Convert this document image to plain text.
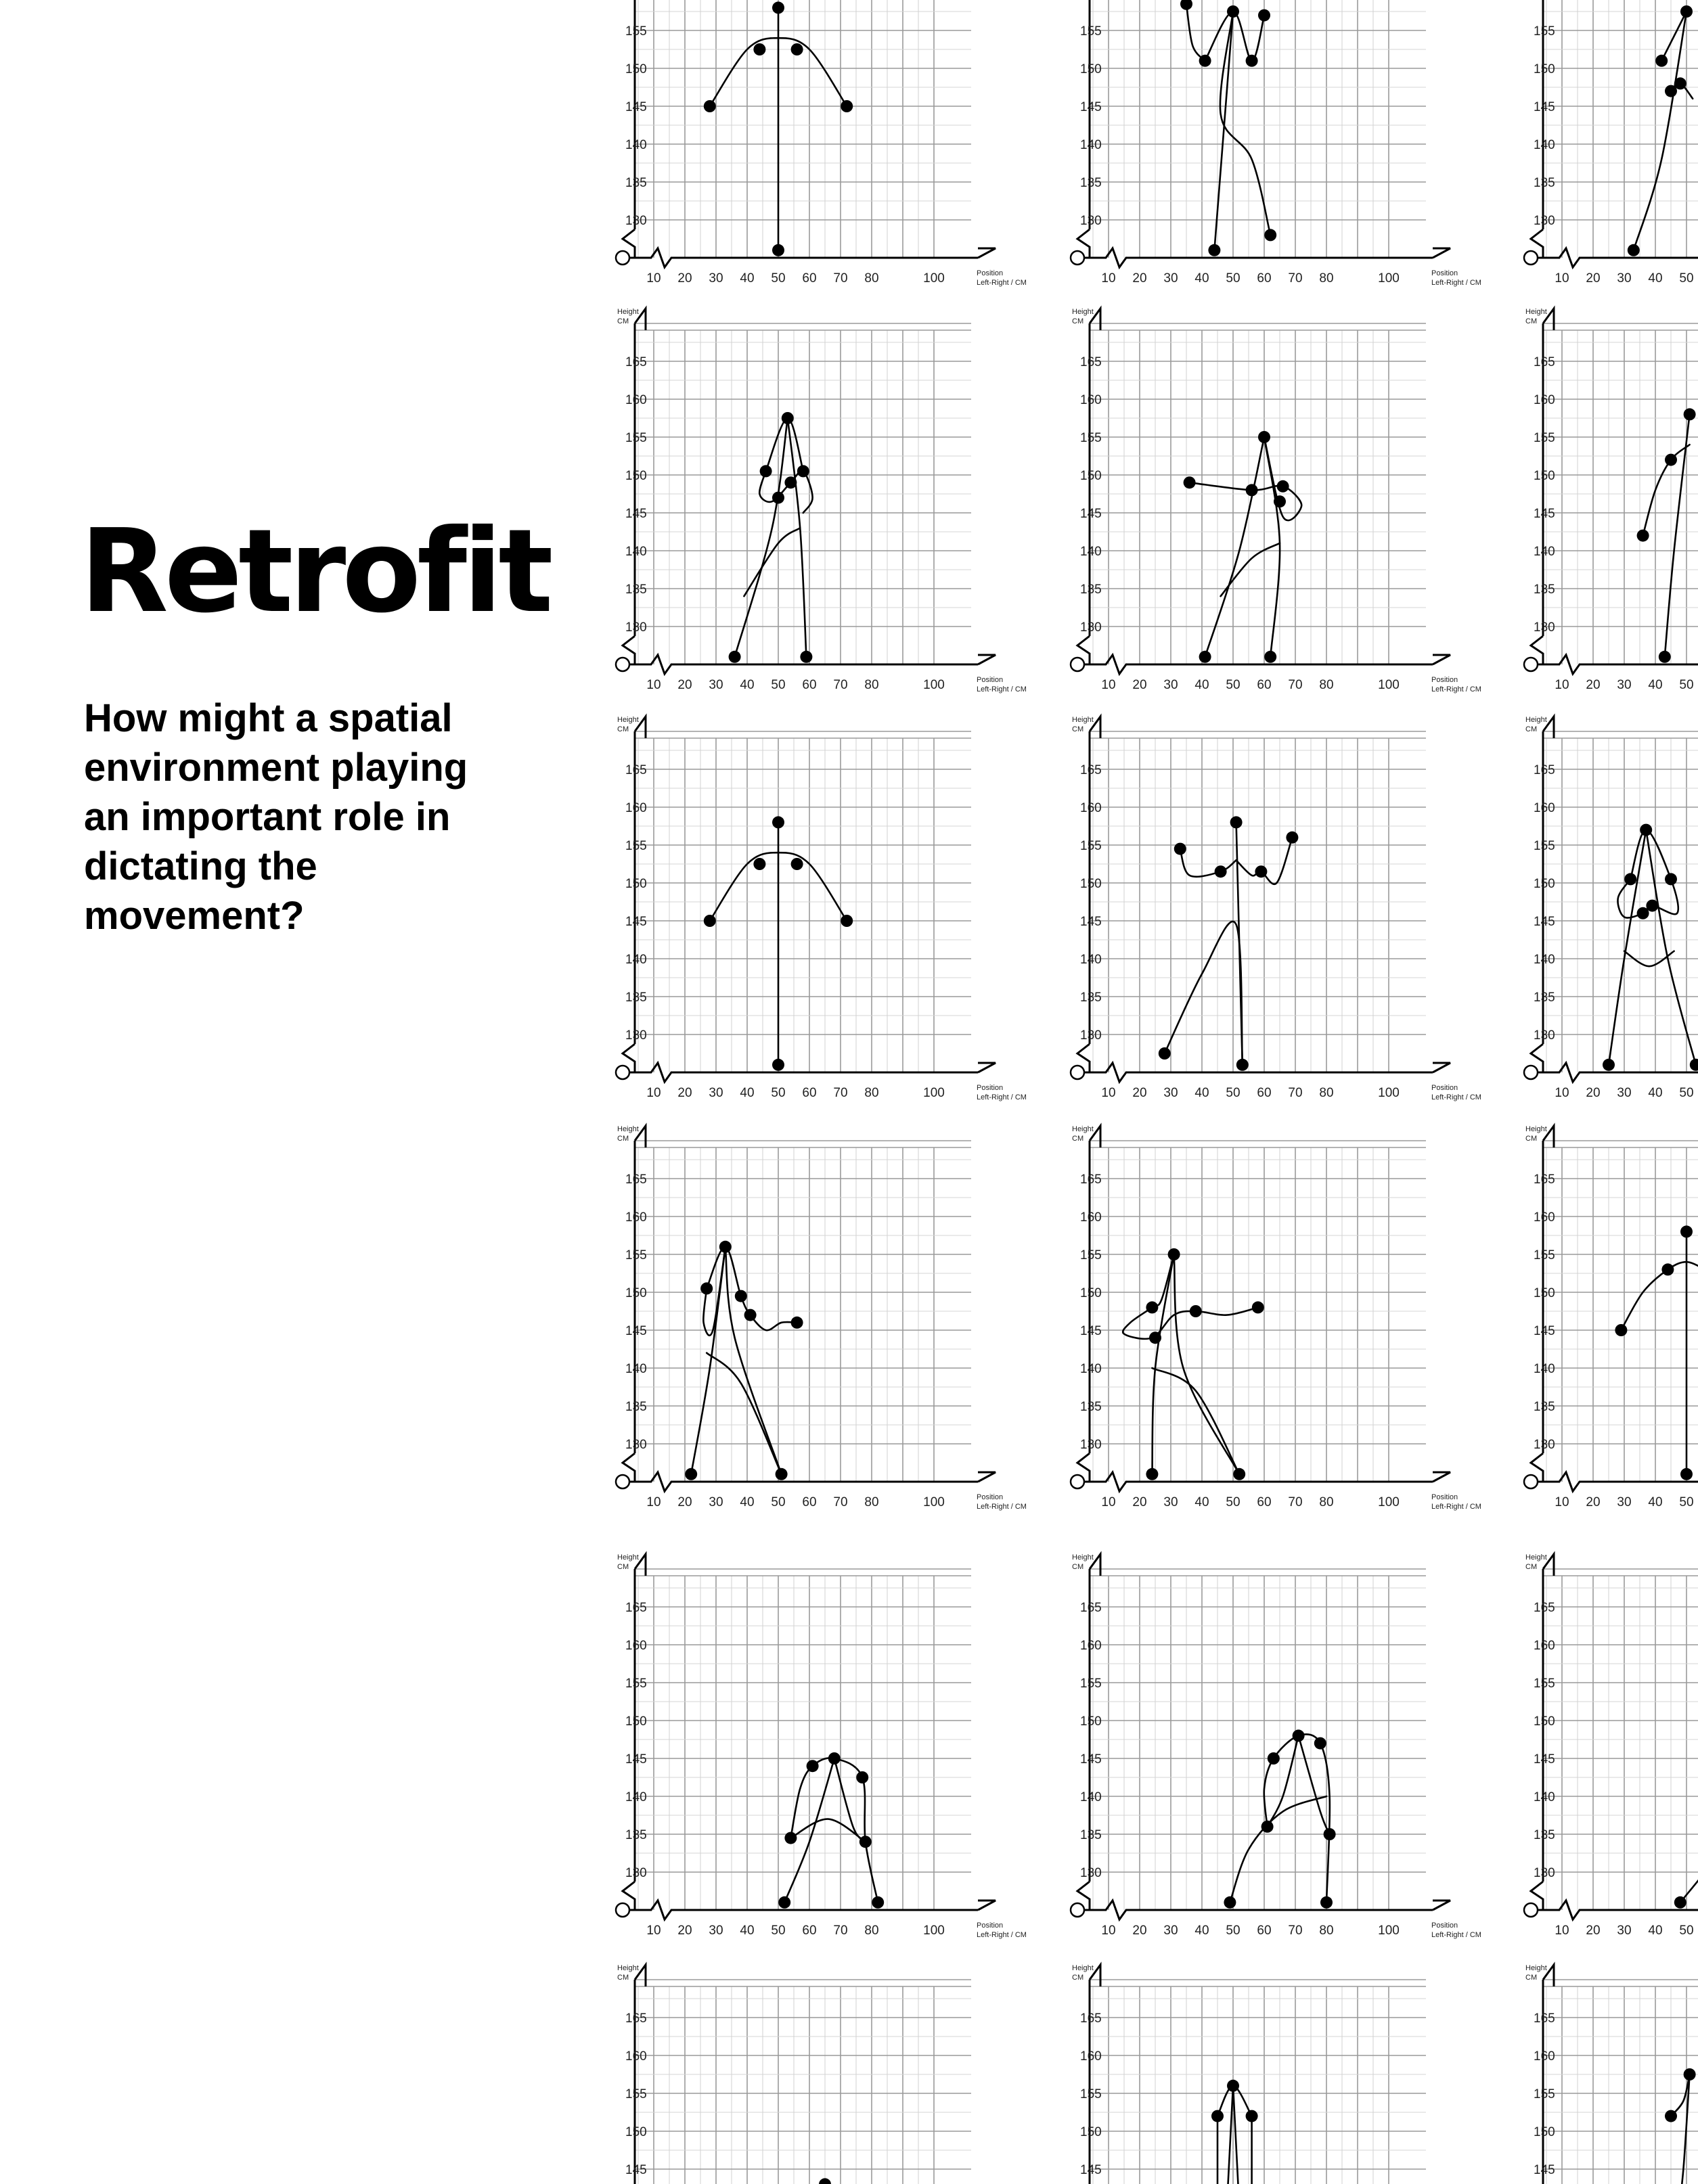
Retrofit

How might a spatial environment playing an important role in dictating the movement?

10 20 30 40 50 60 70 80	100
130
135
140
145
150
155
Position
Left-Right / CM	10 20 30 40 50 60 70 80	100
130
135
140
145
150
155
Position
Left-Right / CM	10 20 30 40 50
130
135
140
145
150
155
10 20 30 40 50 60 70 80	100
130
135
140
145
150
155
160
165
Height
CM
Position
Left-Right / CM	10 20 30 40 50 60 70 80	100
130
135
140
145
150
155
160
165
Height
CM
Position
Left-Right / CM	10 20 30 40 50
130
135
140
145
150
155
160
165
Height
CM
10 20 30 40 50 60 70 80	100
130
135
140
145
150
155
160
165
Height
CM
Position
Left-Right / CM	10 20 30 40 50 60 70 80	100
130
135
140
145
150
155
160
165
Height
CM
Position
Left-Right / CM	10 20 30 40 50
130
135
140
145
150
155
160
165
Height
CM
10 20 30 40 50 60 70 80	100
130
135
140
145
150
155
160
165
Height
CM
Position
Left-Right / CM	10 20 30 40 50 60 70 80	100
130
135
140
145
150
155
160
165
Height
CM
Position
Left-Right / CM	10 20 30 40 50
130
135
140
145
150
155
160
165
Height
CM
10 20 30 40 50 60 70 80	100
130
135
140
145
150
155
160
165
Height
CM
Position
Left-Right / CM	10 20 30 40 50 60 70 80	100
130
135
140
145
150
155
160
165
Height
CM
Position
Left-Right / CM	10 20 30 40 50
130
135
140
145
150
155
160
165
Height
CM
145
150
155
160
165
Height
CM
145
150
155
160
165
Height
CM
145
150
155
160
165
Height
CM
